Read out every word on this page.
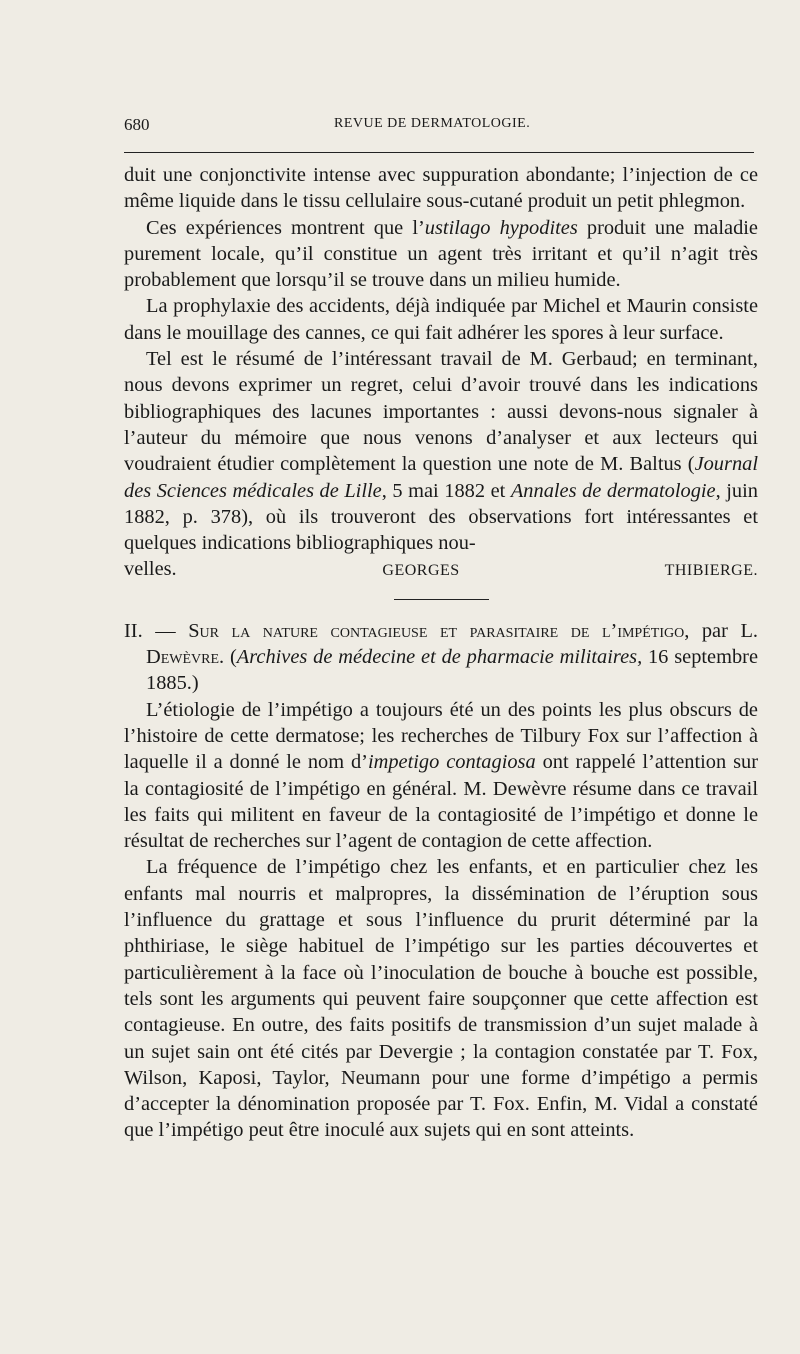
680	REVUE DE DERMATOLOGIE.

duit une conjonctivite intense avec suppuration abondante; l’injection de ce même liquide dans le tissu cellulaire sous-cutané produit un petit phlegmon.

Ces expériences montrent que l’ustilago hypodites produit une maladie purement locale, qu’il constitue un agent très irritant et qu’il n’agit très probablement que lorsqu’il se trouve dans un milieu humide.

La prophylaxie des accidents, déjà indiquée par Michel et Maurin consiste dans le mouillage des cannes, ce qui fait adhérer les spores à leur surface.

Tel est le résumé de l’intéressant travail de M. Gerbaud; en terminant, nous devons exprimer un regret, celui d’avoir trouvé dans les indications bibliographiques des lacunes importantes : aussi devons-nous signaler à l’auteur du mémoire que nous venons d’analyser et aux lecteurs qui voudraient étudier complètement la question une note de M. Baltus (Journal des Sciences médicales de Lille, 5 mai 1882 et Annales de dermatologie, juin 1882, p. 378), où ils trouveront des observations fort intéressantes et quelques indications bibliographiques nou-

velles.	GEORGES THIBIERGE.

II. — Sur la nature contagieuse et parasitaire de l’impétigo, par L. Dewèvre. (Archives de médecine et de pharmacie militaires, 16 septembre 1885.)

L’étiologie de l’impétigo a toujours été un des points les plus obscurs de l’histoire de cette dermatose; les recherches de Tilbury Fox sur l’affection à laquelle il a donné le nom d’impetigo contagiosa ont rappelé l’attention sur la contagiosité de l’impétigo en général. M. Dewèvre résume dans ce travail les faits qui militent en faveur de la contagiosité de l’impétigo et donne le résultat de recherches sur l’agent de contagion de cette affection.

La fréquence de l’impétigo chez les enfants, et en particulier chez les enfants mal nourris et malpropres, la dissémination de l’éruption sous l’influence du grattage et sous l’influence du prurit déterminé par la phthiriase, le siège habituel de l’impétigo sur les parties découvertes et particulièrement à la face où l’inoculation de bouche à bouche est possible, tels sont les arguments qui peuvent faire soupçonner que cette affection est contagieuse. En outre, des faits positifs de transmission d’un sujet malade à un sujet sain ont été cités par Devergie ; la contagion constatée par T. Fox, Wilson, Kaposi, Taylor, Neumann pour une forme d’impétigo a permis d’accepter la dénomination proposée par T. Fox. Enfin, M. Vidal a constaté que l’impétigo peut être inoculé aux sujets qui en sont atteints.
